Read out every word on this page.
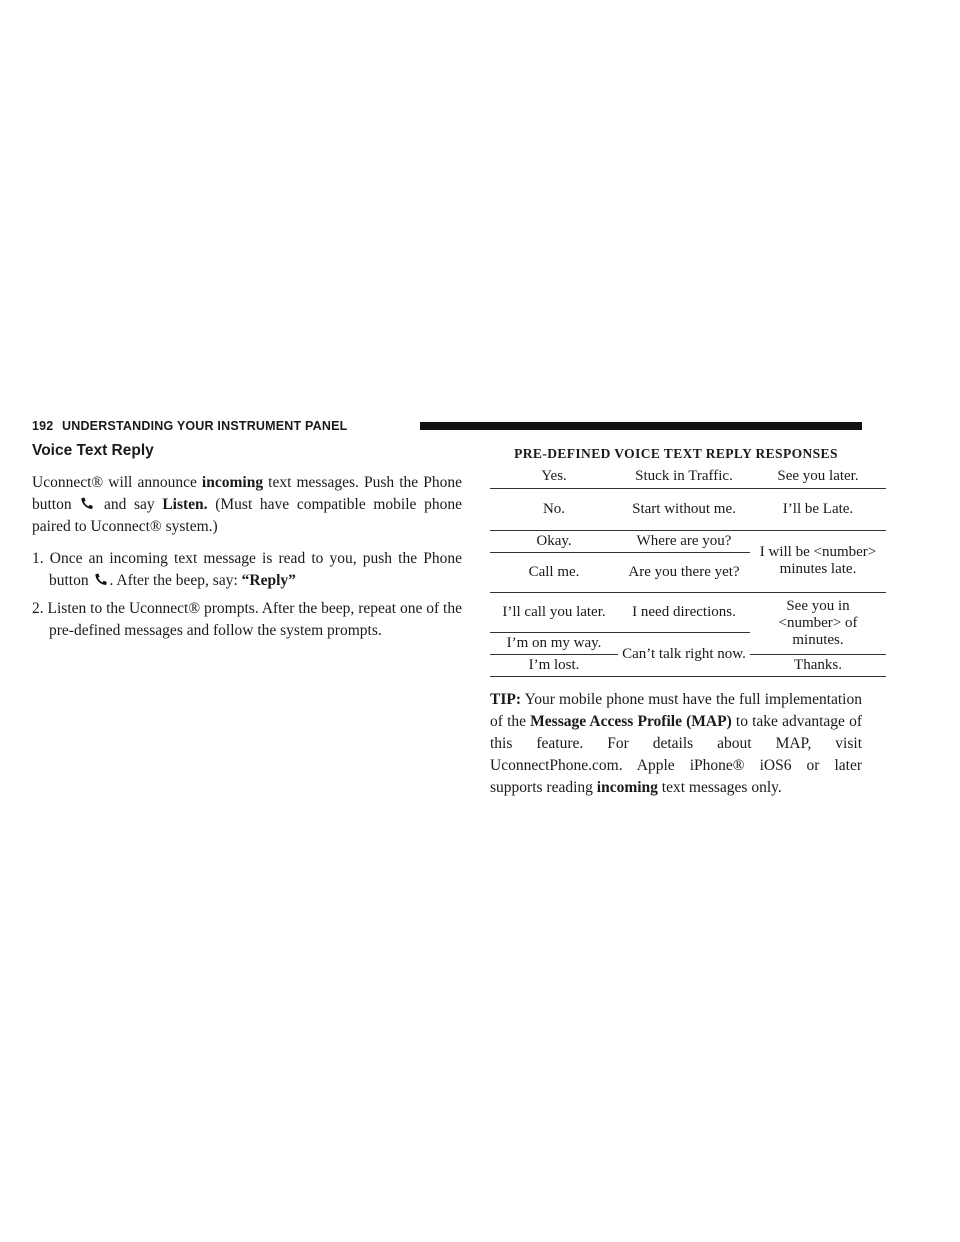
192 UNDERSTANDING YOUR INSTRUMENT PANEL
Voice Text Reply

Uconnect® will announce incoming text messages. Push the Phone button  and say Listen. (Must have compatible mobile phone paired to Uconnect® system.)

1. Once an incoming text message is read to you, push the Phone button . After the beep, say: “Reply”
2. Listen to the Uconnect® prompts. After the beep, repeat one of the pre-defined messages and follow the system prompts.
PRE-DEFINED VOICE TEXT REPLY RESPONSES
Yes.	Stuck in Traffic.	See you later.
No.	Start without me.	I’ll be Late.
Okay.	Where are you?	I will be <number> minutes late.
Call me.	Are you there yet?	
I’ll call you later.	I need directions.	See you in <number> of minutes.
I’m on my way.	Can’t talk right now.	
I’m lost.		Thanks.

TIP: Your mobile phone must have the full implementation of the Message Access Profile (MAP) to take advantage of this feature. For details about MAP, visit UconnectPhone.com. Apple iPhone® iOS6 or later supports reading incoming text messages only.
